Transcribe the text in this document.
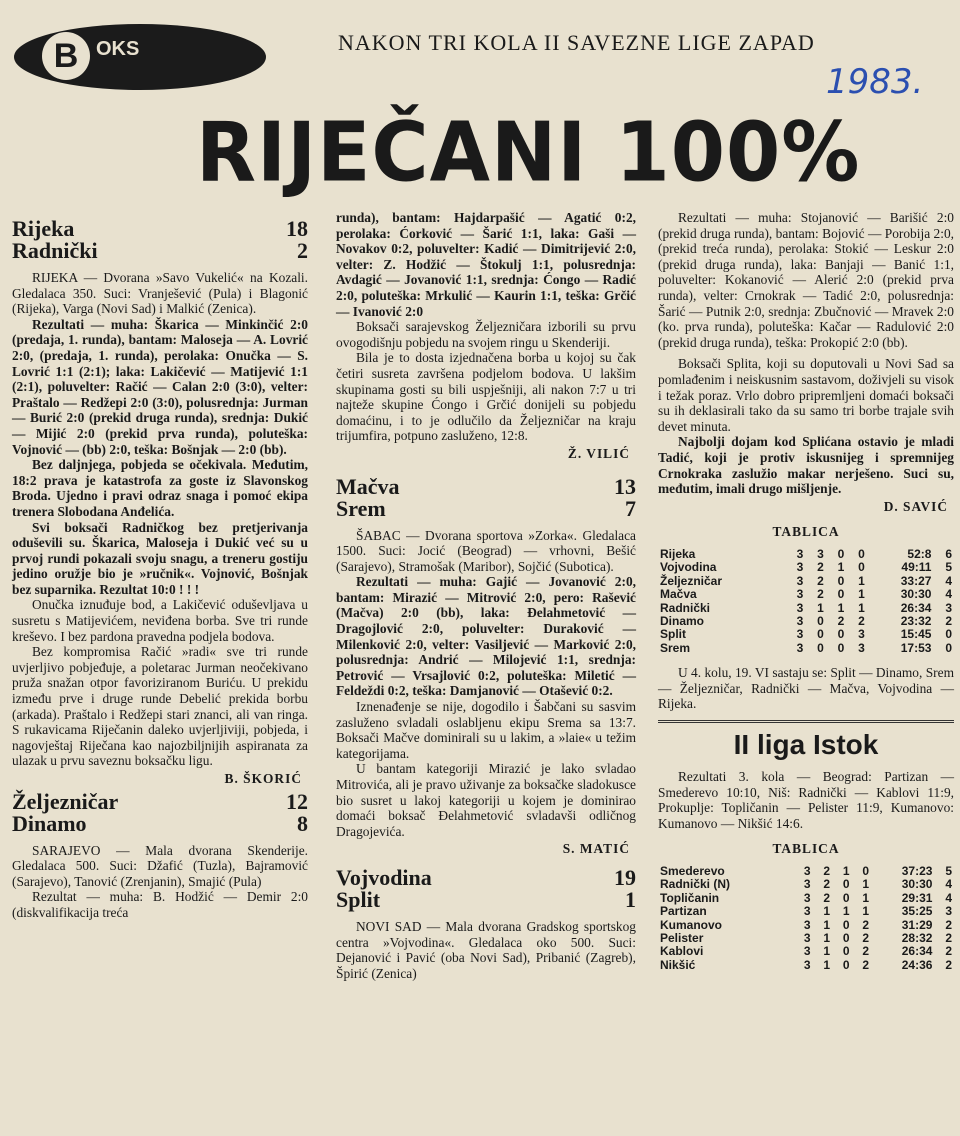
B OKS	NAKON TRI KOLA II SAVEZNE LIGE ZAPAD
1983.
RIJEČANI 100%
Rijeka	18
Radnički	2

RIJEKA — Dvorana »Savo Vukelić« na Kozali. Gledalaca 350. Suci: Vranješević (Pula) i Blagonić (Rijeka), Varga (Novi Sad) i Malkić (Zenica).

Rezultati — muha: Škarica — Minkinčić 2:0 (predaja, 1. runda), bantam: Maloseja — A. Lovrić 2:0, (predaja, 1. runda), perolaka: Onučka — S. Lovrić 1:1 (2:1); laka: Lakičević — Matijević 1:1 (2:1), poluvelter: Račić — Calan 2:0 (3:0), velter: Praštalo — Redžepi 2:0 (3:0), polusrednja: Jurman — Burić 2:0 (prekid druga runda), srednja: Dukić — Mijić 2:0 (prekid prva runda), poluteška: Vojnović — (bb) 2:0, teška: Bošnjak — 2:0 (bb).

Bez daljnjega, pobjeda se očekivala. Međutim, 18:2 prava je katastrofa za goste iz Slavonskog Broda. Ujedno i pravi odraz snaga i pomoć ekipa trenera Slobodana Anđelića.

Svi boksači Radničkog bez pretjerivanja oduševili su. Škarica, Maloseja i Dukić već su u prvoj rundi pokazali svoju snagu, a treneru gostiju jedino oružje bio je »ručnik«. Vojnović, Bošnjak bez suparnika. Rezultat 10:0 ! ! !

Onučka iznuđuje bod, a Lakičević oduševljava u susretu s Matijevićem, neviđena borba. Sve tri runde kreševo. I bez pardona pravedna podjela bodova.

Bez kompromisa Račić »radi« sve tri runde uvjerljivo pobjeđuje, a poletarac Jurman neočekivano pruža snažan otpor favoriziranom Buriću. U prekidu između prve i druge runde Debelić prekida borbu (arkada). Praštalo i Redžepi stari znanci, ali van ringa. S rukavicama Riječanin daleko uvjerljiviji, pobjeda, i nagovještaj Riječana kao najozbiljnijih aspiranata za ulazak u prvu saveznu boksačku ligu.

B. ŠKORIĆ
Željezničar	12
Dinamo	8

SARAJEVO — Mala dvorana Skenderije. Gledalaca 500. Suci: Džafić (Tuzla), Bajramović (Sarajevo), Tanović (Zrenjanin), Smajić (Pula)

Rezultat — muha: B. Hodžić — Demir 2:0 (diskvalifikacija treća

runda), bantam: Hajdarpašić — Agatić 0:2, perolaka: Ćorković — Šarić 1:1, laka: Gaši — Novakov 0:2, poluvelter: Kadić — Dimitrijević 2:0, velter: Z. Hodžić — Štokulj 1:1, polusrednja: Avdagić — Jovanović 1:1, srednja: Ćongo — Radić 2:0, poluteška: Mrkulić — Kaurin 1:1, teška: Grčić — Ivanović 2:0

Boksači sarajevskog Željezničara izborili su prvu ovogodišnju pobjedu na svojem ringu u Skenderiji.

Bila je to dosta izjednačena borba u kojoj su čak četiri susreta završena podjelom bodova. U lakšim skupinama gosti su bili uspješniji, ali nakon 7:7 u tri najteže skupine Ćongo i Grčić donijeli su pobjedu domaćinu, i to je odlučilo da Željezničar na kraju trijumfira, potpuno zasluženo, 12:8.

Ž. VILIĆ
Mačva	13
Srem	7

ŠABAC — Dvorana sportova »Zorka«. Gledalaca 1500. Suci: Jocić (Beograd) — vrhovni, Bešić (Sarajevo), Stramošak (Maribor), Sojčić (Subotica).

Rezultati — muha: Gajić — Jovanović 2:0, bantam: Mirazić — Mitrović 2:0, pero: Rašević (Mačva) 2:0 (bb), laka: Đelahmetović — Dragojlović 2:0, poluvelter: Duraković — Milenković 2:0, velter: Vasiljević — Marković 2:0, polusrednja: Andrić — Milojević 1:1, srednja: Petrović — Vrsajlović 0:2, poluteška: Miletić — Feldeždi 0:2, teška: Damjanović — Otašević 0:2.

Iznenađenje se nije, dogodilo i Šabčani su sasvim zasluženo svladali oslabljenu ekipu Srema sa 13:7. Boksači Mačve dominirali su u lakim, a »laie« u težim kategorijama.

U bantam kategoriji Mirazić je lako svladao Mitrovića, ali je pravo uživanje za boksačke sladokusce bio susret u lakoj kategoriji u kojem je dominirao domaći boksač Đelahmetović svladavši odličnog Dragojevića.

S. MATIĆ
Vojvodina	19
Split	1

NOVI SAD — Mala dvorana Gradskog sportskog centra »Vojvodina«. Gledalaca oko 500. Suci: Dejanović i Pavić (oba Novi Sad), Pribanić (Zagreb), Špirić (Zenica)

Rezultati — muha: Stojanović — Barišić 2:0 (prekid druga runda), bantam: Bojović — Porobija 2:0, (prekid treća runda), perolaka: Stokić — Leskur 2:0 (prekid druga runda), laka: Banjaji — Banić 1:1, poluvelter: Kokanović — Alerić 2:0 (prekid prva runda), velter: Crnokrak — Tadić 2:0, polusrednja: Šarić — Putnik 2:0, srednja: Zbučnović — Mravek 2:0 (ko. prva runda), poluteška: Kačar — Radulović 2:0 (prekid druga runda), teška: Prokopić 2:0 (bb).

Boksači Splita, koji su doputovali u Novi Sad sa pomlađenim i neiskusnim sastavom, doživjeli su visok i težak poraz. Vrlo dobro pripremljeni domaći boksači su ih deklasirali tako da su samo tri borbe trajale svih devet minuta.

Najbolji dojam kod Splićana ostavio je mladi Tadić, koji je protiv iskusnijeg i spremnijeg Crnokraka zaslužio makar nerješeno. Suci su, međutim, imali drugo mišljenje.

D. SAVIĆ
TABLICA
Rijeka	3	3	0	0	52:8	6
Vojvodina	3	2	1	0	49:11	5
Željezničar	3	2	0	1	33:27	4
Mačva	3	2	0	1	30:30	4
Radnički	3	1	1	1	26:34	3
Dinamo	3	0	2	2	23:32	2
Split	3	0	0	3	15:45	0
Srem	3	0	0	3	17:53	0

U 4. kolu, 19. VI sastaju se: Split — Dinamo, Srem — Željezničar, Radnički — Mačva, Vojvodina — Rijeka.

II liga Istok

Rezultati 3. kola — Beograd: Partizan — Smederevo 10:10, Niš: Radnički — Kablovi 11:9, Prokuplje: Topličanin — Pelister 11:9, Kumanovo: Kumanovo — Nikšić 14:6.

TABLICA
Smederevo	3	2	1	0	37:23	5
Radnički (N)	3	2	0	1	30:30	4
Topličanin	3	2	0	1	29:31	4
Partizan	3	1	1	1	35:25	3
Kumanovo	3	1	0	2	31:29	2
Pelister	3	1	0	2	28:32	2
Kablovi	3	1	0	2	26:34	2
Nikšić	3	1	0	2	24:36	2
